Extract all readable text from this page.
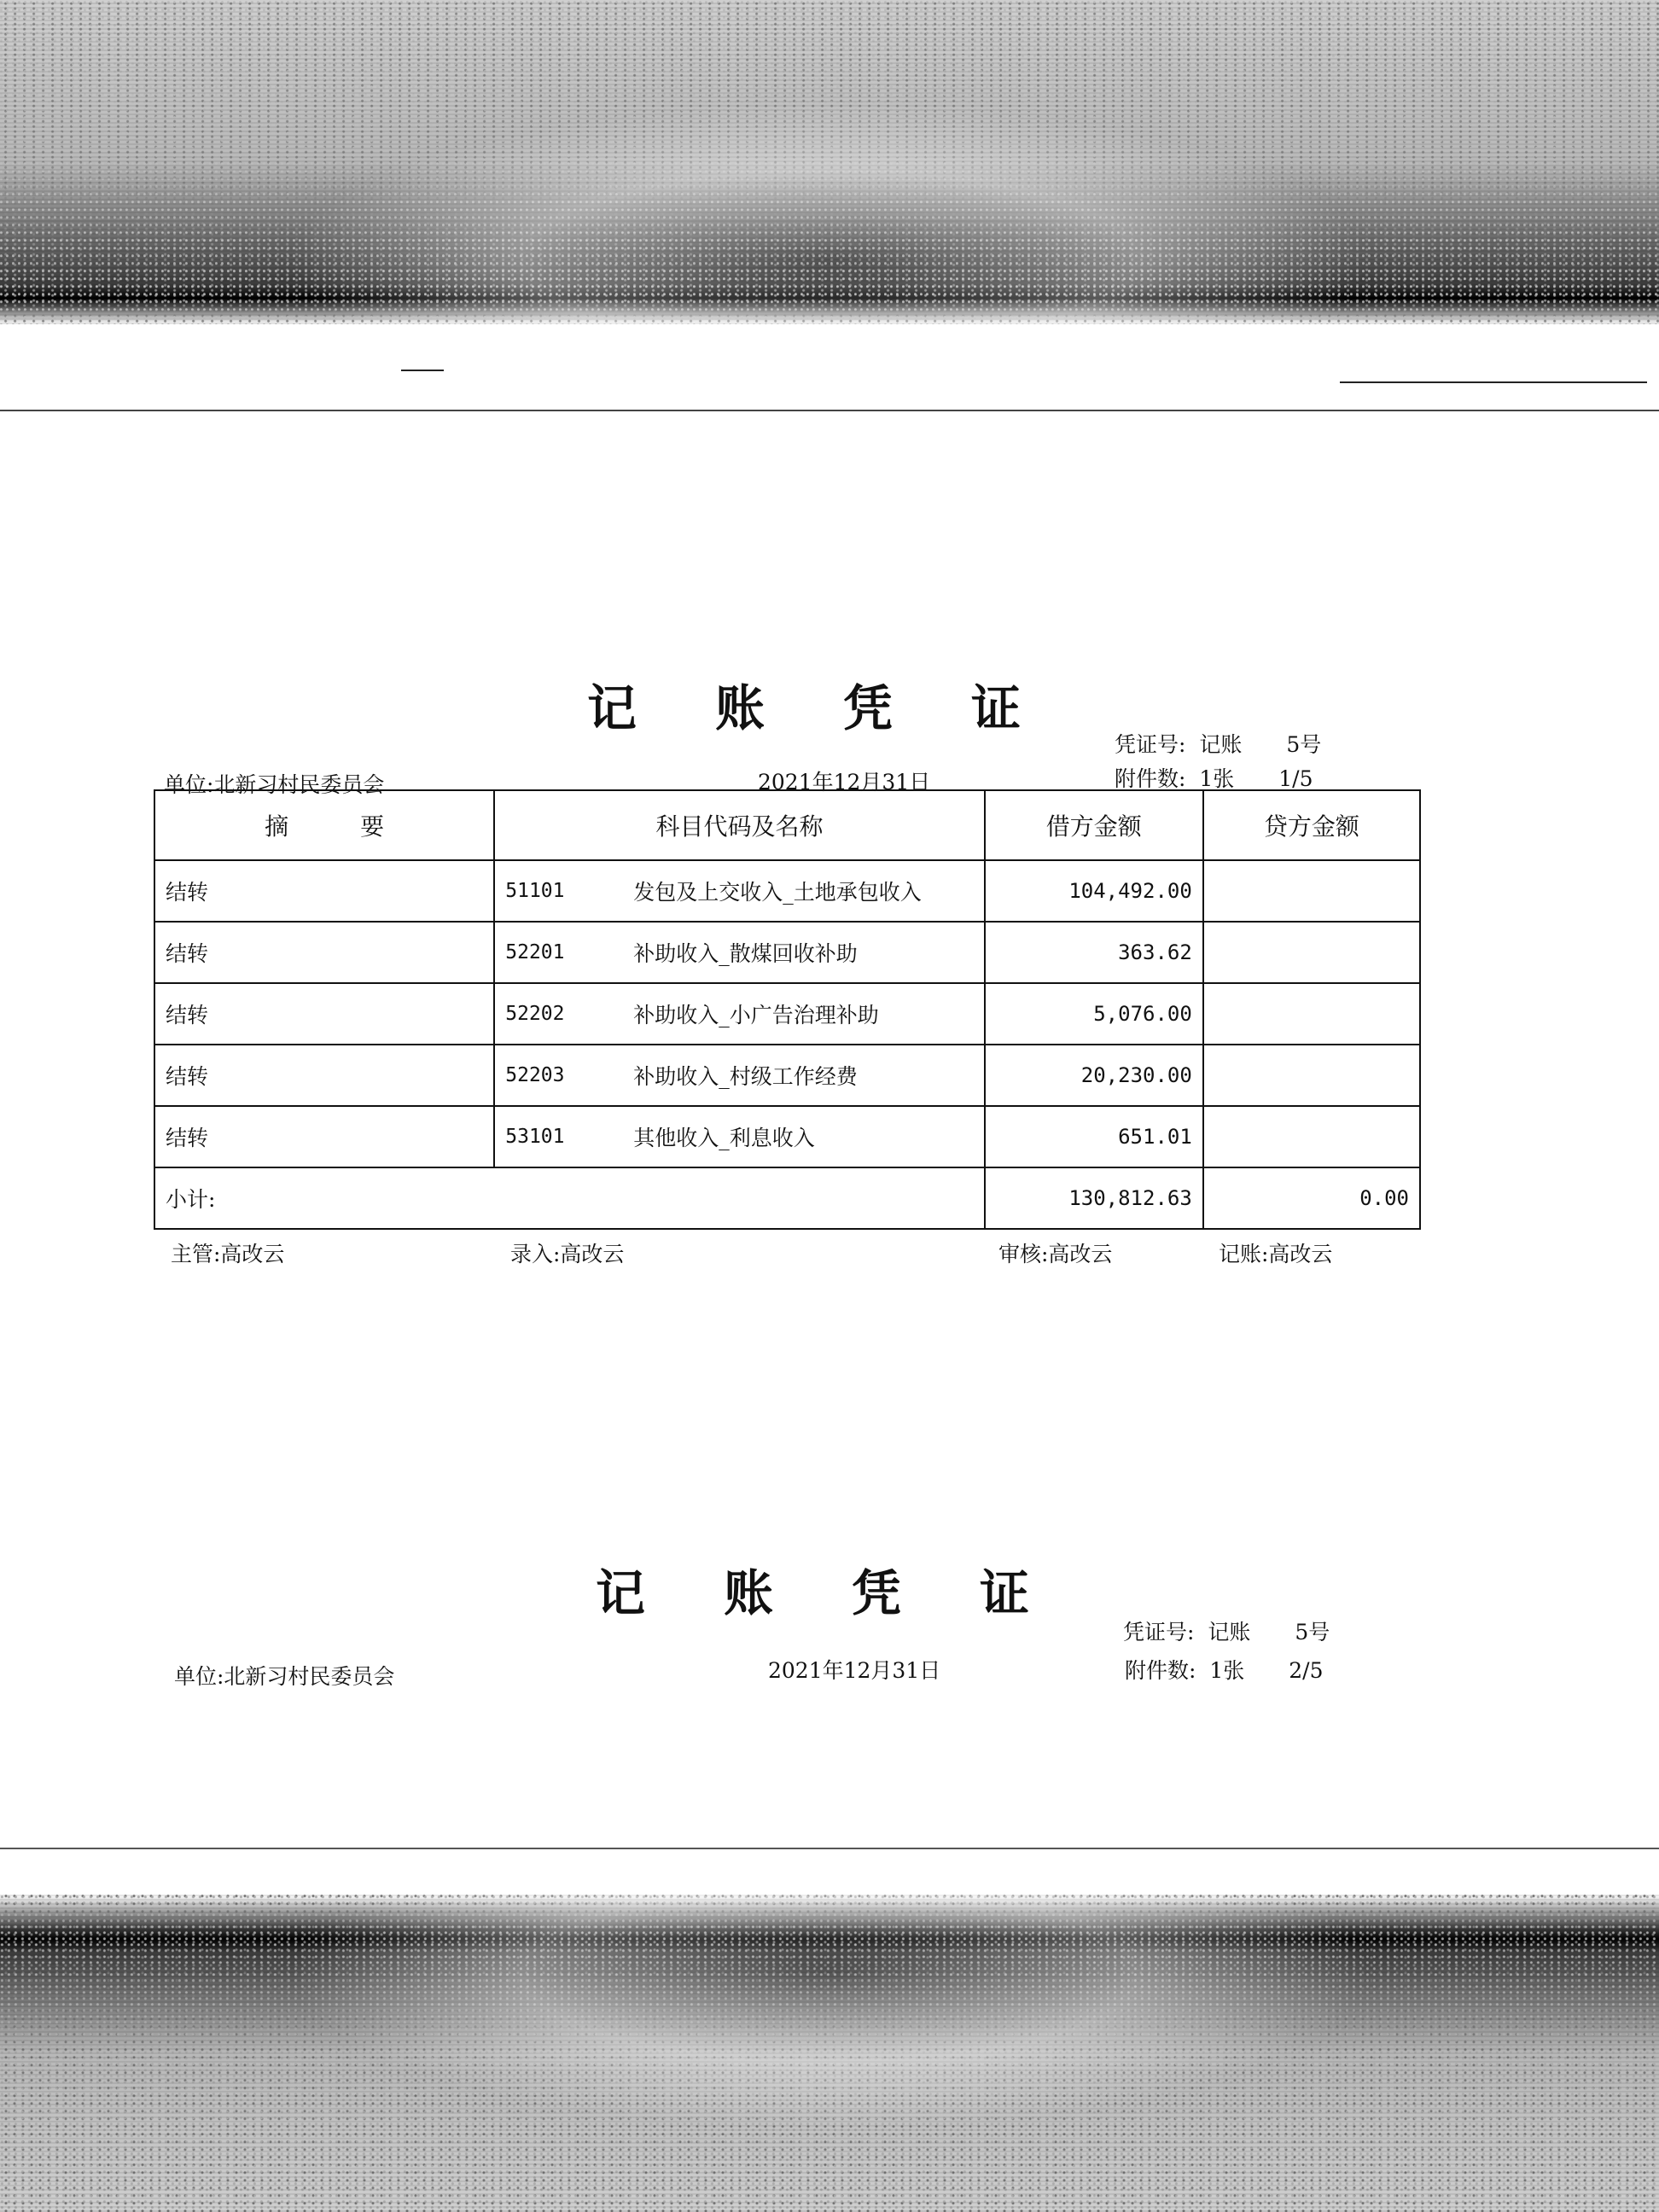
记 账 凭 证
凭证号: 记账 5号
单位:北新习村民委员会	2021年12月31日	附件数: 1张 1/5
摘　　　要	科目代码及名称	借方金额	贷方金额
结转	51101 发包及上交收入_土地承包收入	104,492.00	
结转	52201 补助收入_散煤回收补助	363.62	
结转	52202 补助收入_小广告治理补助	5,076.00	
结转	52203 补助收入_村级工作经费	20,230.00	
结转	53101 其他收入_利息收入	651.01	
小计:		130,812.63	0.00
主管:高改云	录入:高改云	审核:高改云	记账:高改云
记 账 凭 证
凭证号: 记账 5号
单位:北新习村民委员会	2021年12月31日	附件数: 1张 2/5
